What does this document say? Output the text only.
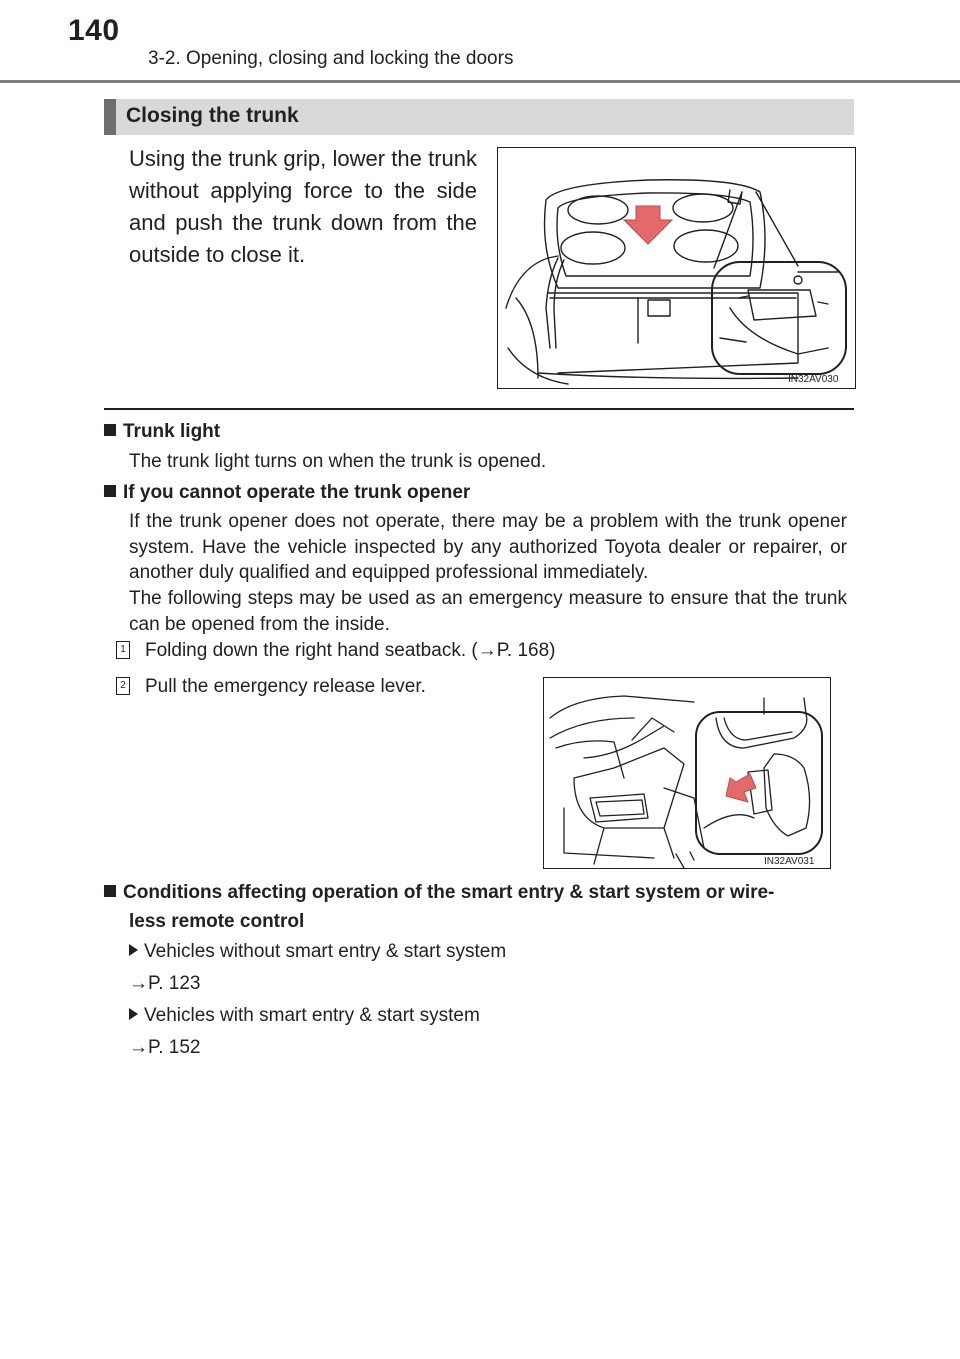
140
3-2. Opening, closing and locking the doors
Closing the trunk
Using the trunk grip, lower the trunk without applying force to the side and push the trunk down from the outside to close it.
IN32AV030
Trunk light
The trunk light turns on when the trunk is opened.
If you cannot operate the trunk opener
If the trunk opener does not operate, there may be a problem with the trunk opener system. Have the vehicle inspected by any authorized Toyota dealer or repairer, or another duly qualified and equipped professional immediately.
The following steps may be used as an emergency measure to ensure that the trunk can be opened from the inside.
1 Folding down the right hand seatback. (→P. 168)
2 Pull the emergency release lever.
IN32AV031
Conditions affecting operation of the smart entry & start system or wire-
less remote control
Vehicles without smart entry & start system
→P. 123
Vehicles with smart entry & start system
→P. 152
